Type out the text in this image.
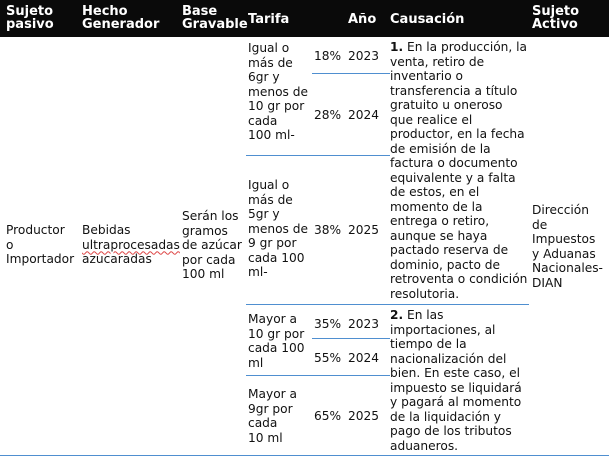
Sujeto
pasivo
Hecho
Generador
Base
Gravable Tarifa	Año Causación
Sujeto
Activo
Productor
o
Importador
Bebidas
ultraprocesadas
azucaradas
Serán los
gramos
de azúcar
por cada
100 ml
Dirección
de
Impuestos
y Aduanas
Nacionales-
DIAN
Igual o
más de
6gr y
menos de
10 gr por
cada
100 ml-
Igual o
más de
5gr y
menos de
9 gr por
cada 100
ml-
Mayor a
10 gr por
cada 100
ml
Mayor a
9gr por
cada
10 ml
18% 2023
28% 2024
38% 2025
35% 2023
55% 2024
65% 2025
1. En la producción, la
venta, retiro de
inventario o
transferencia a título
gratuito u oneroso
que realice el
productor, en la fecha
de emisión de la
factura o documento
equivalente y a falta
de estos, en el
momento de la
entrega o retiro,
aunque se haya
pactado reserva de
dominio, pacto de
retroventa o condición
resolutoria.
2. En las
importaciones, al
tiempo de la
nacionalización del
bien. En este caso, el
impuesto se liquidará
y pagará al momento
de la liquidación y
pago de los tributos
aduaneros.
